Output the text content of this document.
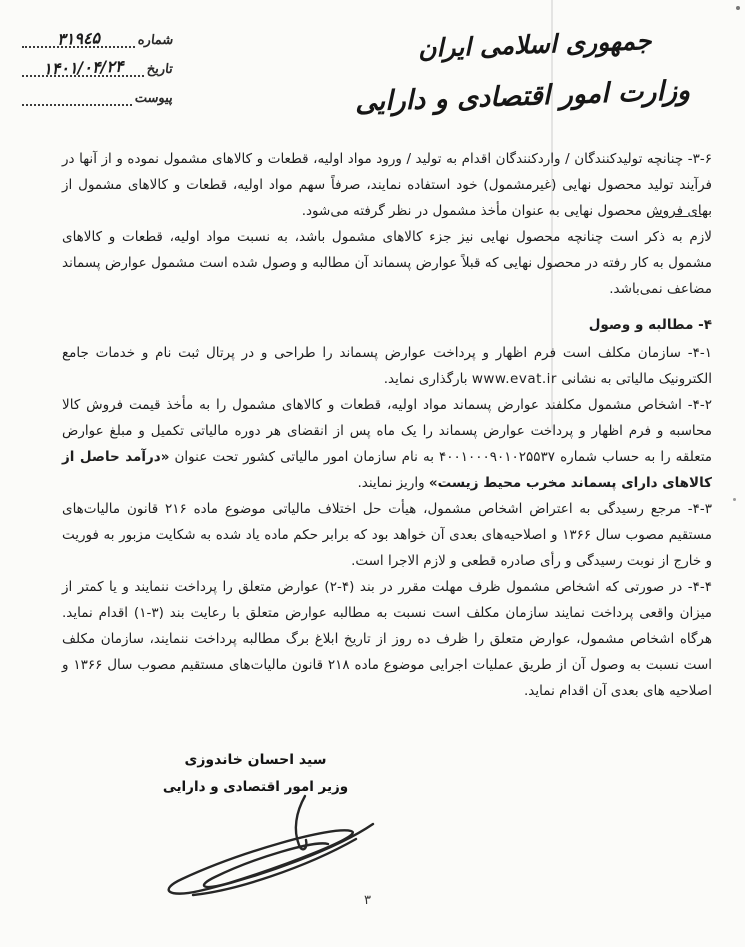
شماره
۳۱۹٤۵
تاریخ
۱۴۰۱/۰۴/۲۴
پیوست
جمهوری اسلامی ایران
وزارت امور اقتصادی و دارایی

۳-۶- چنانچه تولیدکنندگان / واردکنندگان اقدام به تولید / ورود مواد اولیه، قطعات و کالاهای مشمول نموده و از آنها در فرآیند تولید محصول نهایی (غیرمشمول) خود استفاده نمایند، صرفاً سهم مواد اولیه، قطعات و کالاهای مشمول از بهای فروش محصول نهایی به عنوان مأخذ مشمول در نظر گرفته می‌شود.

لازم به ذکر است چنانچه محصول نهایی نیز جزء کالاهای مشمول باشد، به نسبت مواد اولیه، قطعات و کالاهای مشمول به کار رفته در محصول نهایی که قبلاً عوارض پسماند آن مطالبه و وصول شده است مشمول عوارض پسماند مضاعف نمی‌باشد.

۴- مطالبه و وصول

۴-۱- سازمان مکلف است فرم اظهار و پرداخت عوارض پسماند را طراحی و در پرتال ثبت نام و خدمات جامع الکترونیک مالیاتی به نشانی www.evat.ir بارگذاری نماید.

۴-۲- اشخاص مشمول مکلفند عوارض پسماند مواد اولیه، قطعات و کالاهای مشمول را به مأخذ قیمت فروش کالا محاسبه و فرم اظهار و پرداخت عوارض پسماند را یک ماه پس از انقضای هر دوره مالیاتی تکمیل و مبلغ عوارض متعلقه را به حساب شماره ۴۰۰۱۰۰۰۹۰۱۰۲۵۵۳۷ به نام سازمان امور مالیاتی کشور تحت عنوان «درآمد حاصل از کالاهای دارای پسماند مخرب محیط زیست» واریز نمایند.

۴-۳- مرجع رسیدگی به اعتراض اشخاص مشمول، هیأت حل اختلاف مالیاتی موضوع ماده ۲۱۶ قانون مالیات‌های مستقیم مصوب سال ۱۳۶۶ و اصلاحیه‌های بعدی آن خواهد بود که برابر حکم ماده یاد شده به شکایت مزبور به فوریت و خارج از نوبت رسیدگی و رأی صادره قطعی و لازم الاجرا است.

۴-۴- در صورتی که اشخاص مشمول ظرف مهلت مقرر در بند (۴-۲) عوارض متعلق را پرداخت ننمایند و یا کمتر از میزان واقعی پرداخت نمایند سازمان مکلف است نسبت به مطالبه عوارض متعلق با رعایت بند (۳-۱) اقدام نماید. هرگاه اشخاص مشمول، عوارض متعلق را ظرف ده روز از تاریخ ابلاغ برگ مطالبه پرداخت ننمایند، سازمان مکلف است نسبت به وصول آن از طریق عملیات اجرایی موضوع ماده ۲۱۸ قانون مالیات‌های مستقیم مصوب سال ۱۳۶۶ و اصلاحیه های بعدی آن اقدام نماید.

سید احسان خاندوزی
وزیر امور اقتصادی و دارایی
۳
